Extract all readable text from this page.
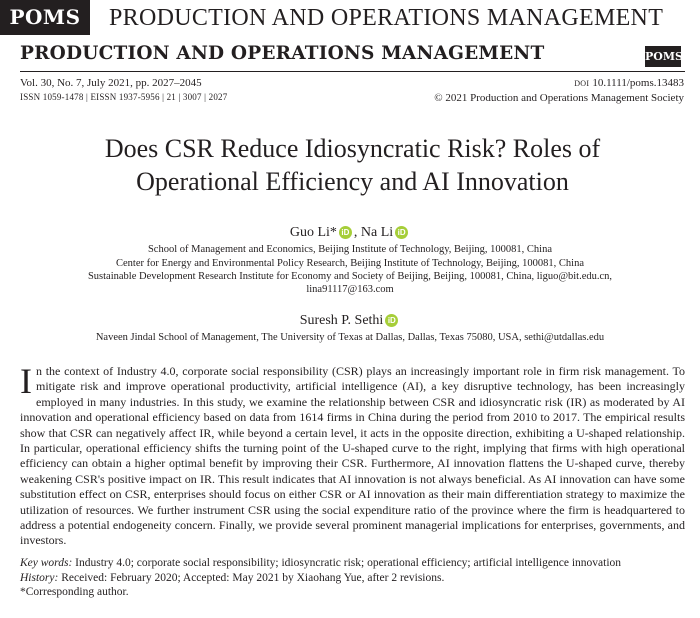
POMS	PRODUCTION AND OPERATIONS MANAGEMENT
PRODUCTION AND OPERATIONS MANAGEMENT	POMS
Vol. 30, No. 7, July 2021, pp. 2027–2045
ISSN 1059-1478 | EISSN 1937-5956 | 21 | 3007 | 2027
DOI 10.1111/poms.13483
© 2021 Production and Operations Management Society
Does CSR Reduce Idiosyncratic Risk? Roles of
Operational Efficiency and AI Innovation
Guo Li* iD , Na Li iD
School of Management and Economics, Beijing Institute of Technology, Beijing, 100081, China
Center for Energy and Environmental Policy Research, Beijing Institute of Technology, Beijing, 100081, China
Sustainable Development Research Institute for Economy and Society of Beijing, Beijing, 100081, China, liguo@bit.edu.cn,
lina91117@163.com
Suresh P. Sethi iD
Naveen Jindal School of Management, The University of Texas at Dallas, Dallas, Texas 75080, USA, sethi@utdallas.edu
In the context of Industry 4.0, corporate social responsibility (CSR) plays an increasingly important role in firm risk management. To mitigate risk and improve operational productivity, artificial intelligence (AI), a key disruptive technology, has been increasingly employed in many industries. In this study, we examine the relationship between CSR and idiosyncratic risk (IR) as moderated by AI innovation and operational efficiency based on data from 1614 firms in China during the period from 2010 to 2017. The empirical results show that CSR can negatively affect IR, while beyond a certain level, it acts in the opposite direction, exhibiting a U-shaped relationship. In particular, operational efficiency shifts the turning point of the U-shaped curve to the right, implying that firms with high operational efficiency can obtain a higher optimal benefit by improving their CSR. Furthermore, AI innovation flattens the U-shaped curve, thereby weakening CSR's positive impact on IR. This result indicates that AI innovation is not always beneficial. As AI innovation can have some substitution effect on CSR, enterprises should focus on either CSR or AI innovation as their main differentiation strategy to maximize the utilization of resources. We further instrument CSR using the social expenditure ratio of the province where the firm is headquartered to address a potential endogeneity concern. Finally, we provide several prominent managerial implications for enterprises, governments, and investors.
Key words: Industry 4.0; corporate social responsibility; idiosyncratic risk; operational efficiency; artificial intelligence innovation
History: Received: February 2020; Accepted: May 2021 by Xiaohang Yue, after 2 revisions.
*Corresponding author.
